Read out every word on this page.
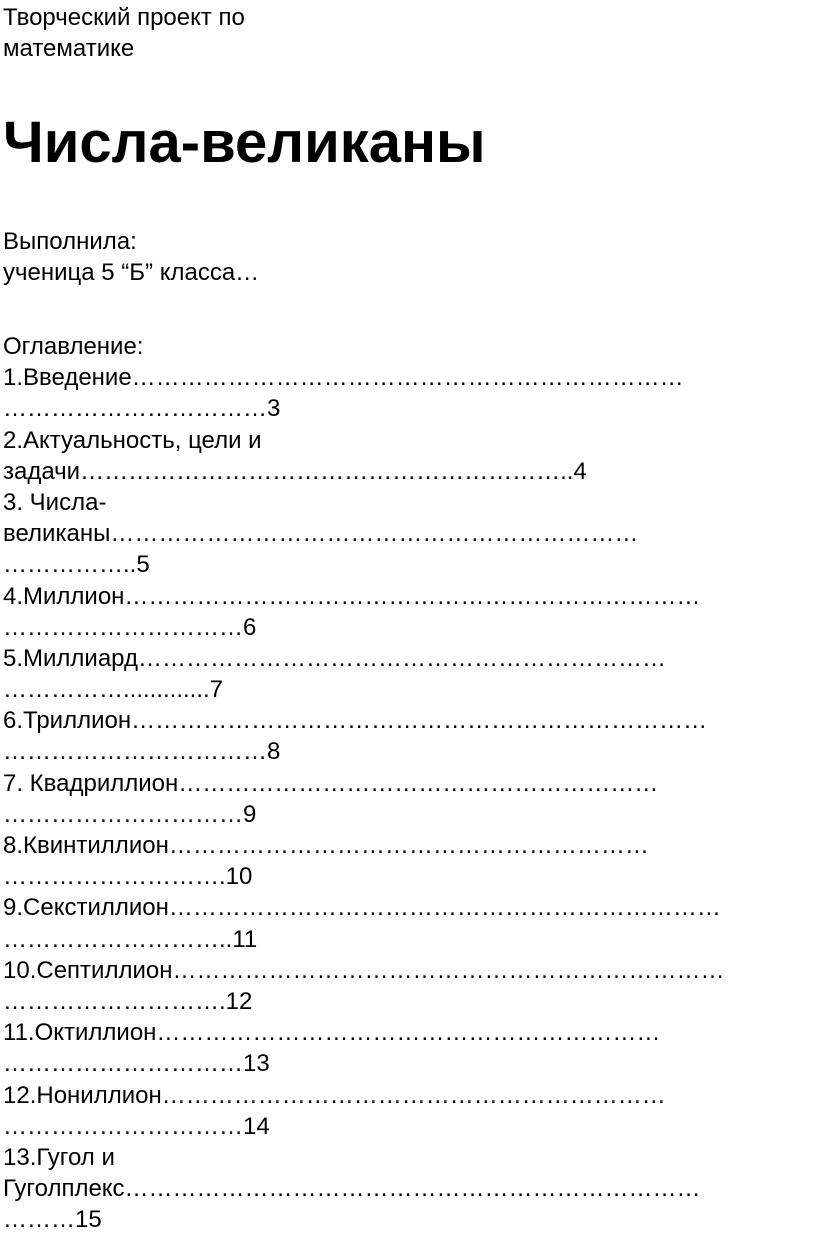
Творческий проект по
математике
Числа-великаны
Выполнила:
ученица 5 “Б” класса…
Оглавление:
1.Введение……………………………………………………………
……………………………3
2.Актуальность, цели и
задачи……………………………………………………..4
3. Числа-
великаны…………………………………………………………
……………..5
4.Миллион………………………………………………………………
…………………………6
5.Миллиард…………………………………………………………
…………….............7
6.Триллион………………………………………………………………
……………………………8
7. Квадриллион……………………………………………………
…………………………9
8.Квинтиллион……………………………………………………
……………………….10
9.Секстиллион……………………………………………………………
………………………..11
10.Септиллион……………………………………………………………
……………………….12
11.Октиллион………………………………………………………
…………………………13
12.Нониллион………………………………………………………
…………………………14
13.Гугол и
Гуголплекс………………………………………………………………
………15
